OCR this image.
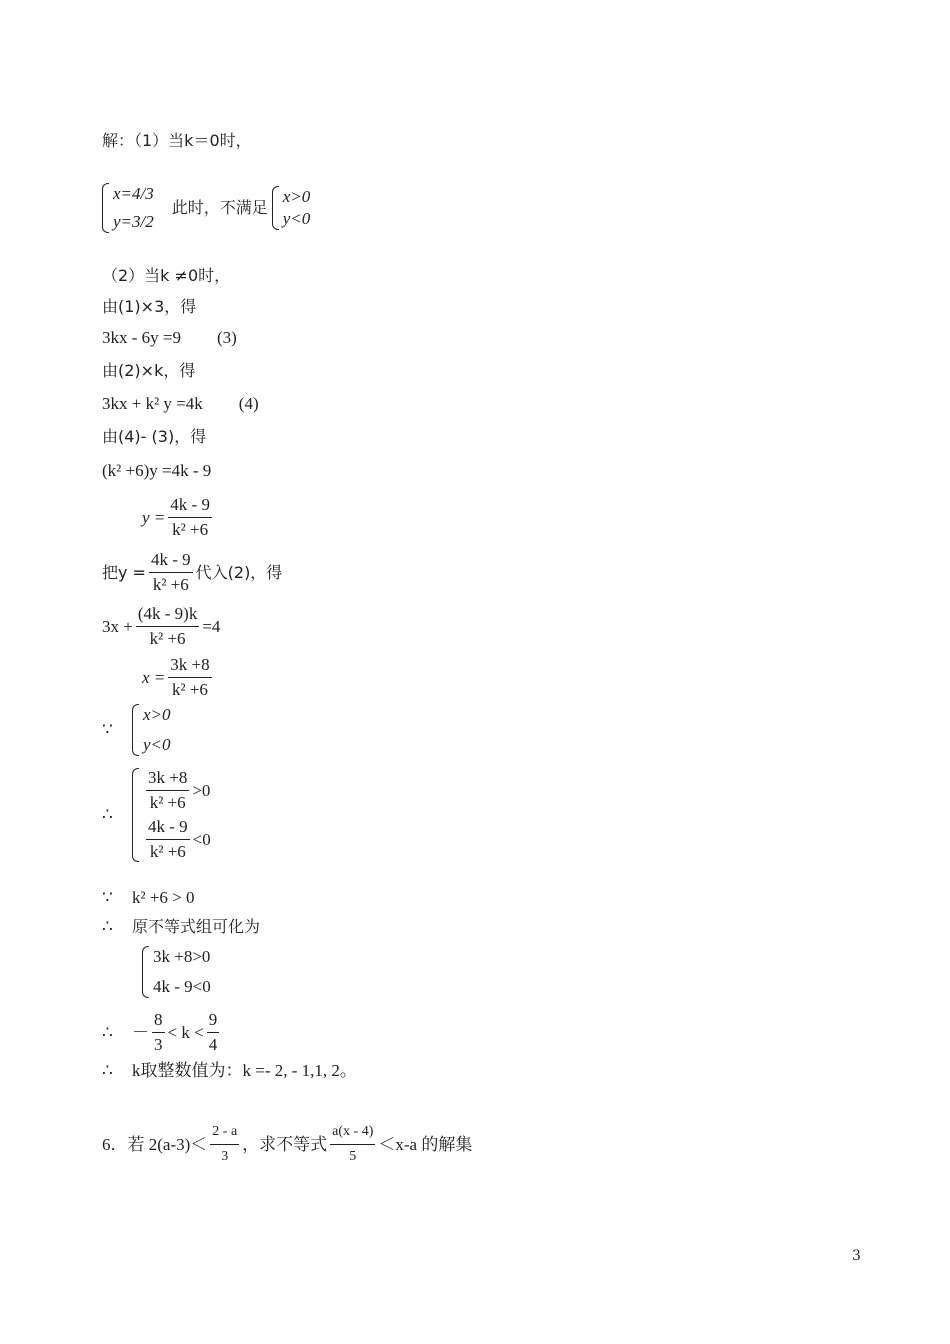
解：（1）当k＝0时，
x=4/3
y=3/2
此时，不满足
x>0
y<0
（2）当k ≠0时，
由(1)×3，得
3kx - 6y =9 (3)
由(2)×k，得
3kx + k² y =4k (4)
由(4)- (3)，得
(k² +6)y =4k - 9
$y = \frac{4k - 9}{\text{k² +6}}$
把$y = \frac{4k - 9}{\text{k² +6}}$ 代入(2)，得
$3x + \frac{(4k - 9)k}{\text{k² +6}} =4$
$x = \frac{3k +8}{\text{k² +6}}$
∵
x>0
y<0
∴
$\frac{3k +8}{\text{k² +6}} >0$
$\frac{4k - 9}{\text{k² +6}} <0$
∵	k² +6 > 0
∴	原不等式组可化为
3k +8>0
4k - 9<0
∴	－ $\frac{8}{3} < k < \frac{9}{4}$
∴	k取整数值为：k =- 2, - 1,1, 2。
6．若 $2(a-3)< \frac{2 - a}{3}$ ，求不等式 $\frac{a(x - 4)}{5} <x-a$ 的解集
3
